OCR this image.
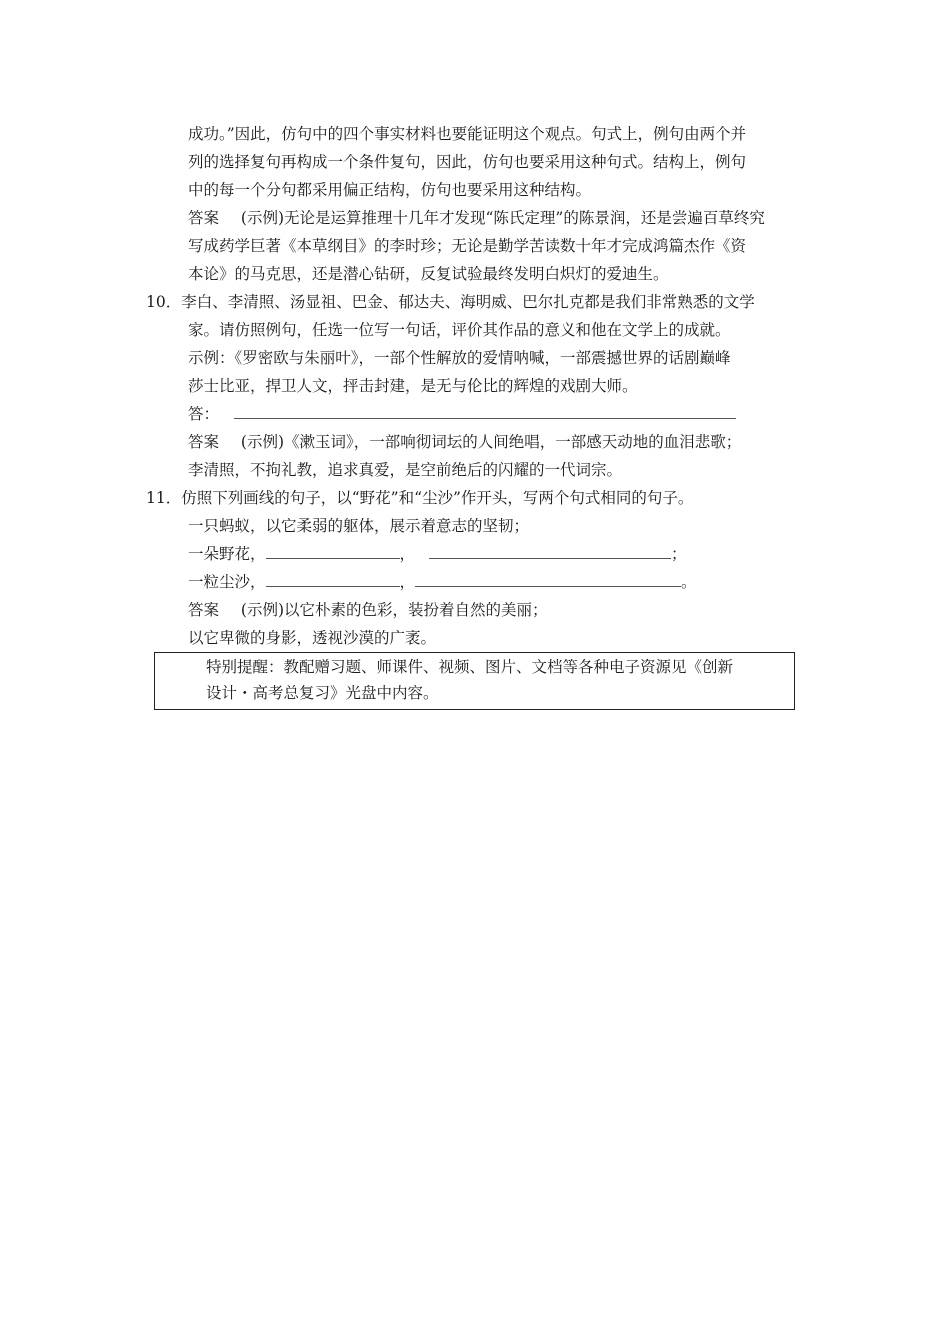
成功。”因此，仿句中的四个事实材料也要能证明这个观点。句式上，例句由两个并
列的选择复句再构成一个条件复句，因此，仿句也要采用这种句式。结构上，例句
中的每一个分句都采用偏正结构，仿句也要采用这种结构。
答案 (示例)无论是运算推理十几年才发现“陈氏定理”的陈景润，还是尝遍百草终究
写成药学巨著《本草纲目》的李时珍；无论是勤学苦读数十年才完成鸿篇杰作《资
本论》的马克思，还是潜心钻研，反复试验最终发明白炽灯的爱迪生。
10．李白、李清照、汤显祖、巴金、郁达夫、海明威、巴尔扎克都是我们非常熟悉的文学
家。请仿照例句，任选一位写一句话，评价其作品的意义和他在文学上的成就。
示例：《罗密欧与朱丽叶》，一部个性解放的爱情呐喊，一部震撼世界的话剧巅峰
莎士比亚，捍卫人文，抨击封建，是无与伦比的辉煌的戏剧大师。
答：
答案 (示例)《漱玉词》，一部响彻词坛的人间绝唱，一部感天动地的血泪悲歌；
李清照，不拘礼教，追求真爱，是空前绝后的闪耀的一代词宗。
11．仿照下列画线的句子，以“野花”和“尘沙”作开头，写两个句式相同的句子。
一只蚂蚁，以它柔弱的躯体，展示着意志的坚韧；
一朵野花，	，	；
一粒尘沙，	，	。
答案 (示例)以它朴素的色彩，装扮着自然的美丽；
以它卑微的身影，透视沙漠的广袤。
特别提醒：教配赠习题、师课件、视频、图片、文档等各种电子资源见《创新
设计・高考总复习》光盘中内容。
